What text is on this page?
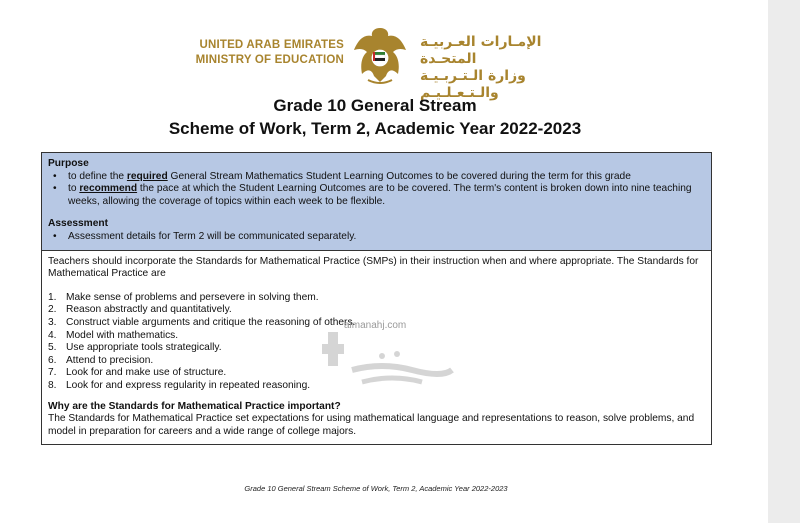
UNITED ARAB EMIRATES
MINISTRY OF EDUCATION
الإمـارات العـربيـة المتحـدة
وزارة الـتـربـيـة والـتـعـلـيـم
Grade 10 General Stream
Scheme of Work, Term 2, Academic Year 2022-2023
Purpose
• to define the required General Stream Mathematics Student Learning Outcomes to be covered during the term for this grade
• to recommend the pace at which the Student Learning Outcomes are to be covered. The term's content is broken down into nine teaching weeks, allowing the coverage of topics within each week to be flexible.
Assessment
• Assessment details for Term 2 will be communicated separately.
Teachers should incorporate the Standards for Mathematical Practice (SMPs) in their instruction when and where appropriate. The Standards for Mathematical Practice are
1. Make sense of problems and persevere in solving them.
2. Reason abstractly and quantitatively.
3. Construct viable arguments and critique the reasoning of others.
4. Model with mathematics.
5. Use appropriate tools strategically.
6. Attend to precision.
7. Look for and make use of structure.
8. Look for and express regularity in repeated reasoning.
Why are the Standards for Mathematical Practice important?
The Standards for Mathematical Practice set expectations for using mathematical language and representations to reason, solve problems, and model in preparation for careers and a wide range of college majors.
almanahj.com
Grade 10 General Stream Scheme of Work, Term 2, Academic Year 2022-2023
